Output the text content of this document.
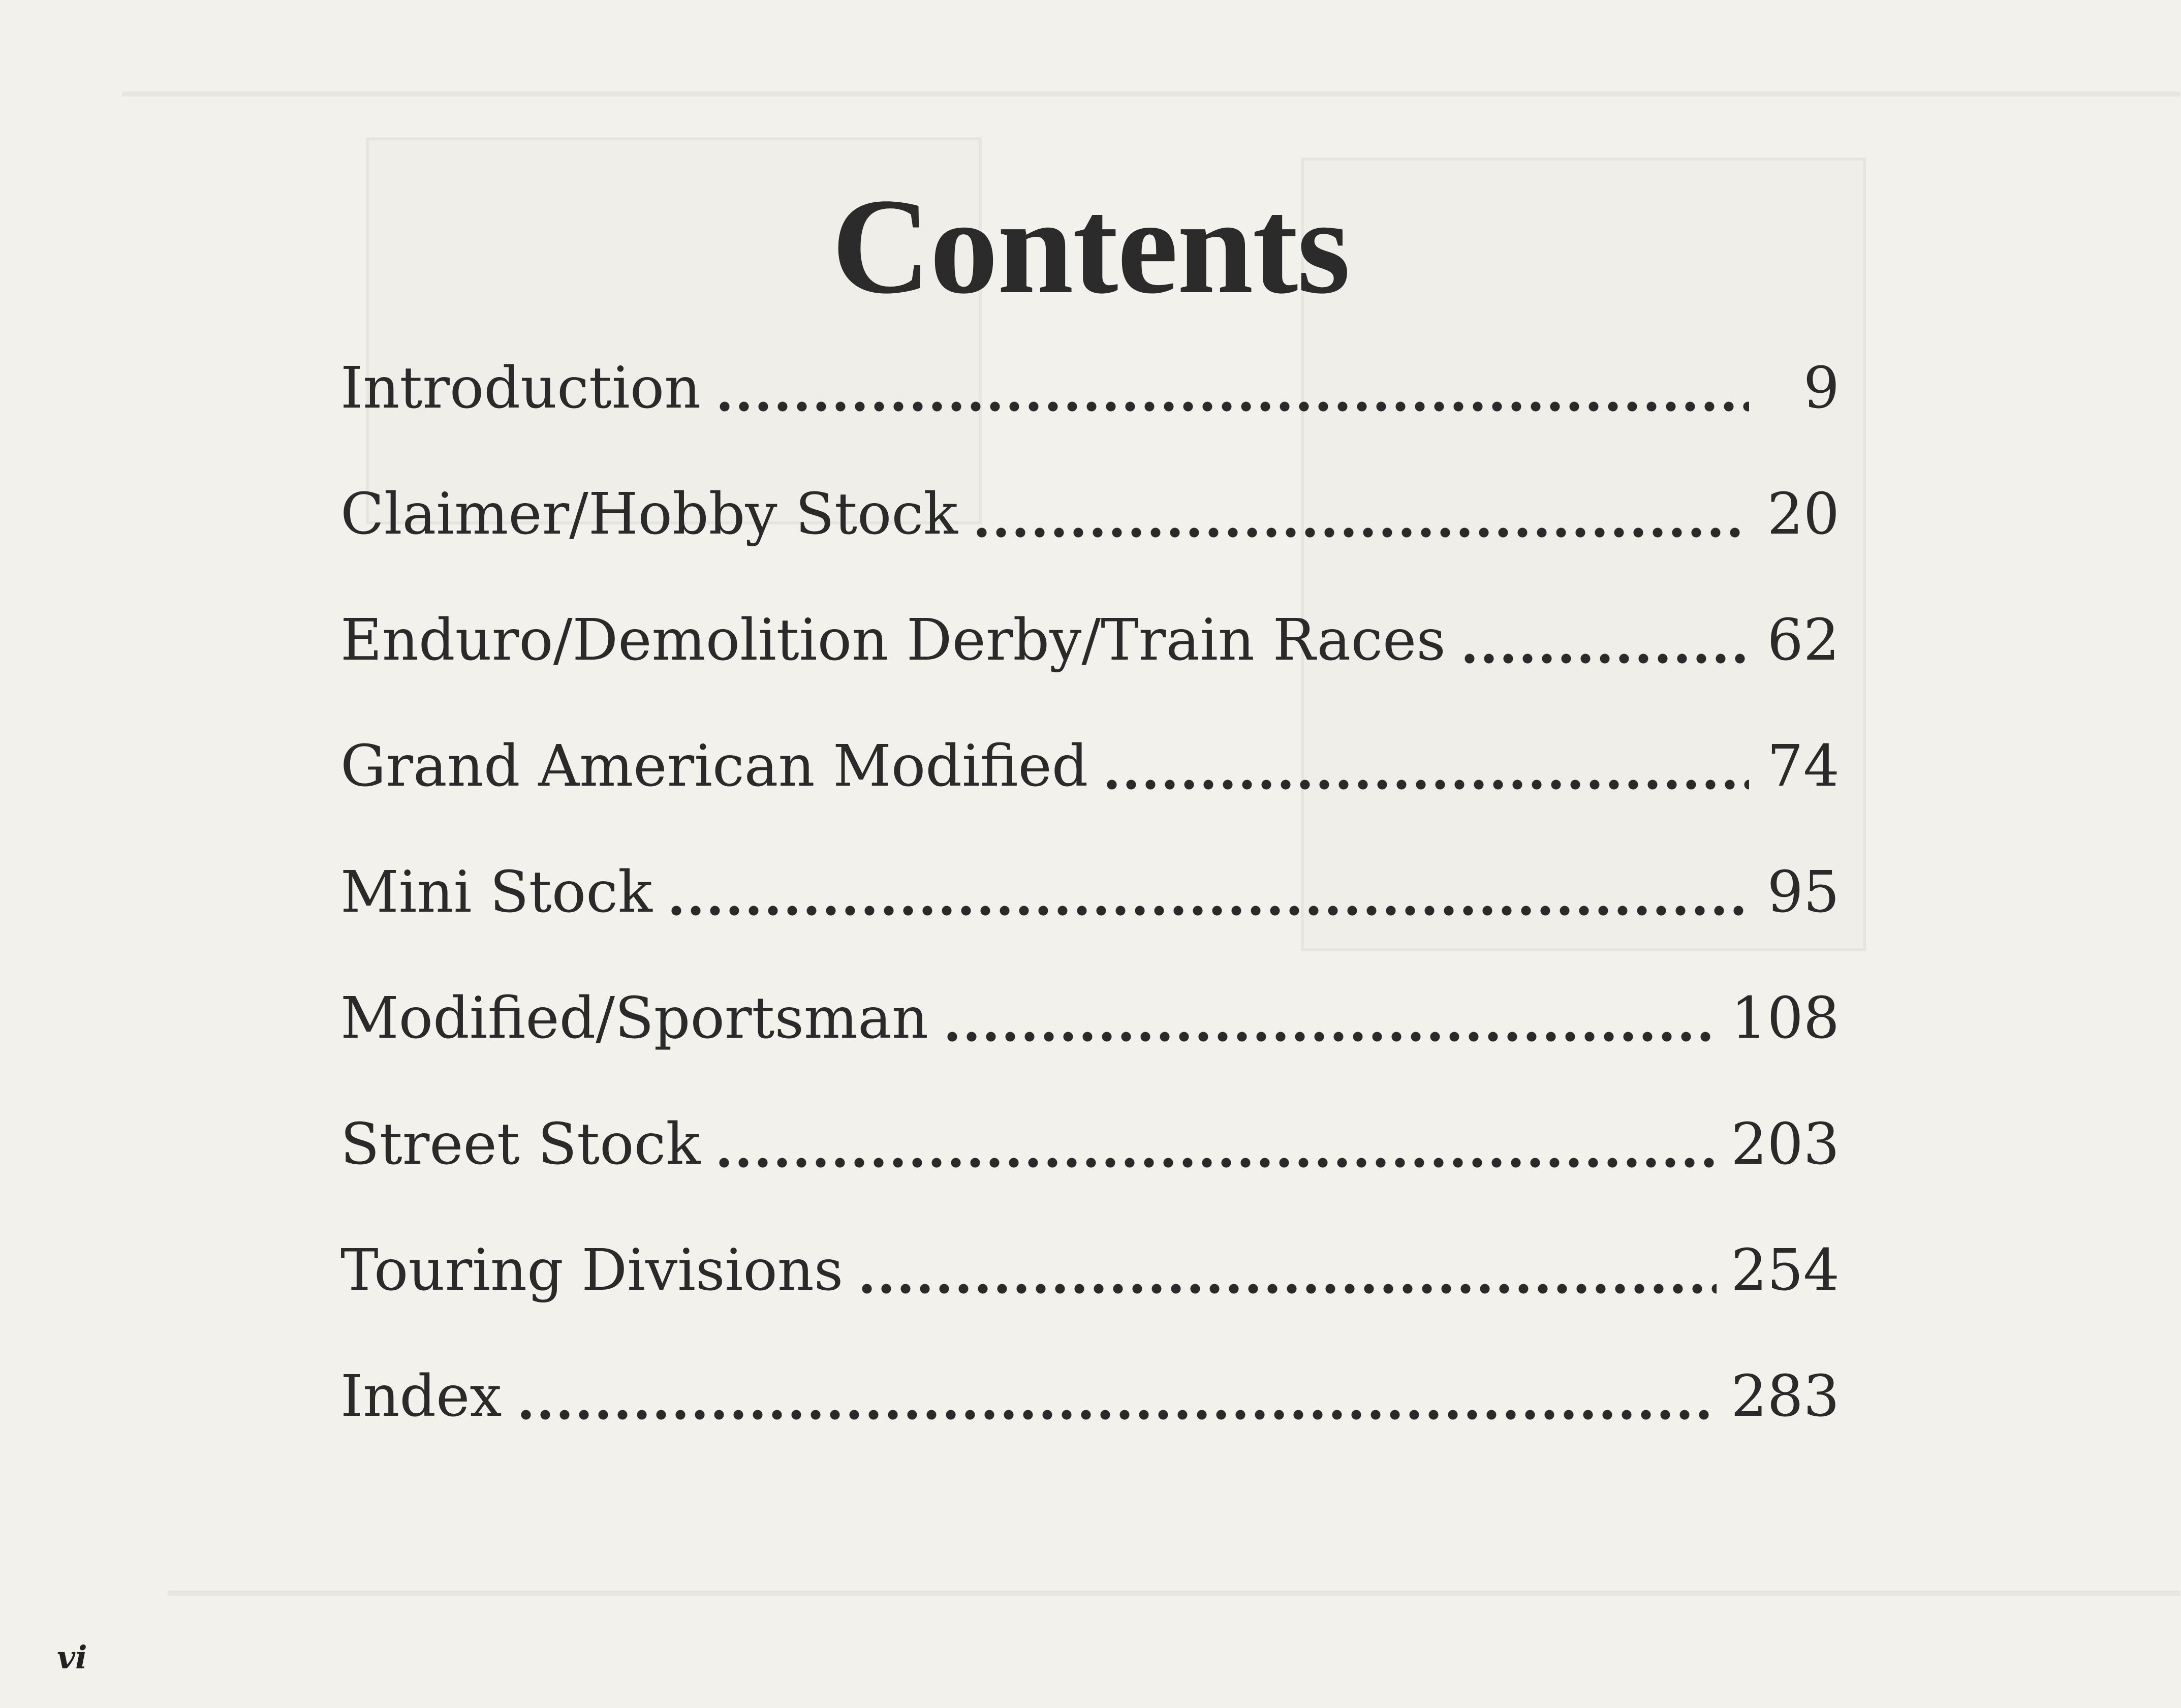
Contents
Introduction	9
Claimer/Hobby Stock	20
Enduro/Demolition Derby/Train Races	62
Grand American Modified	74
Mini Stock	95
Modified/Sportsman	108
Street Stock	203
Touring Divisions	254
Index	283
vi
